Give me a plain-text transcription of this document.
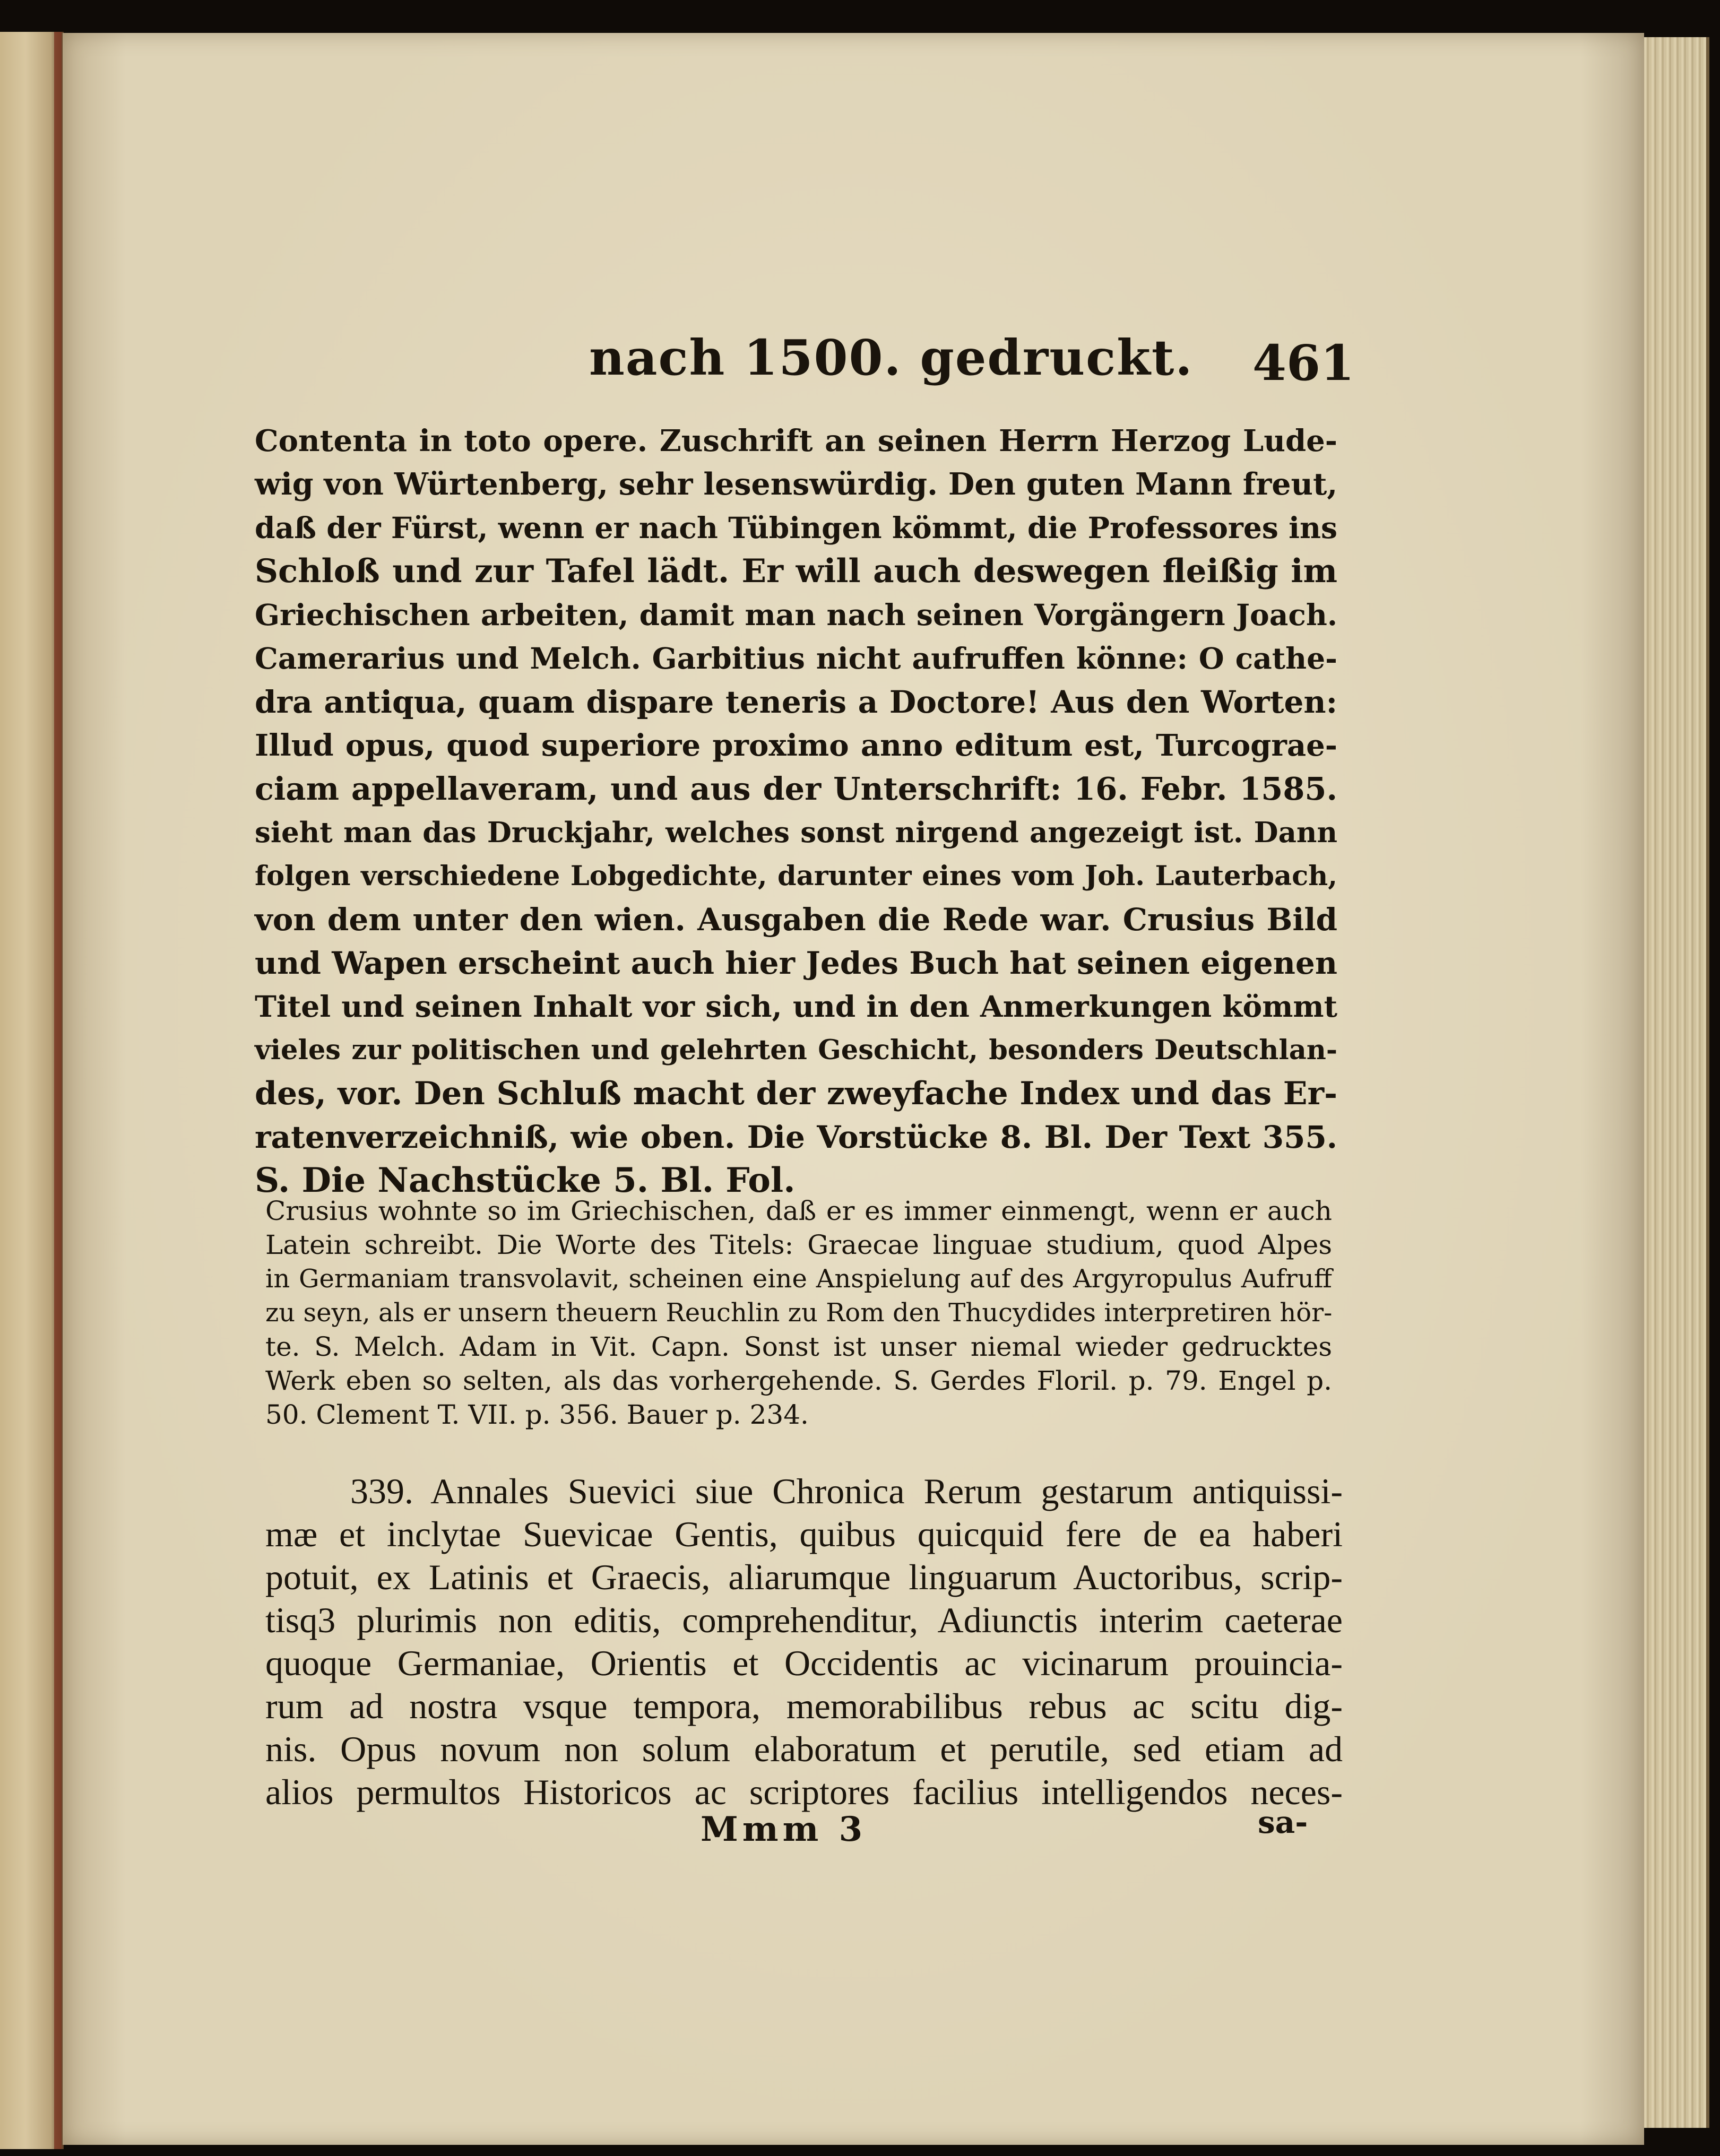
nach 1500. gedruckt.	461
Contenta in toto opere. Zuschrift an seinen Herrn Herzog Lude-
wig von Würtenberg, sehr lesenswürdig. Den guten Mann freut,
daß der Fürst, wenn er nach Tübingen kömmt, die Professores ins
Schloß und zur Tafel lädt. Er will auch deswegen fleißig im
Griechischen arbeiten, damit man nach seinen Vorgängern Joach.
Camerarius und Melch. Garbitius nicht aufruffen könne: O cathe-
dra antiqua, quam dispare teneris a Doctore! Aus den Worten:
Illud opus, quod superiore proximo anno editum est, Turcograe-
ciam appellaveram, und aus der Unterschrift: 16. Febr. 1585.
sieht man das Druckjahr, welches sonst nirgend angezeigt ist. Dann
folgen verschiedene Lobgedichte, darunter eines vom Joh. Lauterbach,
von dem unter den wien. Ausgaben die Rede war. Crusius Bild
und Wapen erscheint auch hier Jedes Buch hat seinen eigenen
Titel und seinen Inhalt vor sich, und in den Anmerkungen kömmt
vieles zur politischen und gelehrten Geschicht, besonders Deutschlan-
des, vor. Den Schluß macht der zweyfache Index und das Er-
ratenverzeichniß, wie oben. Die Vorstücke 8. Bl. Der Text 355.
S. Die Nachstücke 5. Bl. Fol.
Crusius wohnte so im Griechischen, daß er es immer einmengt, wenn er auch
Latein schreibt. Die Worte des Titels: Graecae linguae studium, quod Alpes
in Germaniam transvolavit, scheinen eine Anspielung auf des Argyropulus Aufruff
zu seyn, als er unsern theuern Reuchlin zu Rom den Thucydides interpretiren hör-
te. S. Melch. Adam in Vit. Capn. Sonst ist unser niemal wieder gedrucktes
Werk eben so selten, als das vorhergehende. S. Gerdes Floril. p. 79. Engel p.
50. Clement T. VII. p. 356. Bauer p. 234.
339. Annales Suevici siue Chronica Rerum gestarum antiquissi-
mæ et inclytae Suevicae Gentis, quibus quicquid fere de ea haberi
potuit, ex Latinis et Graecis, aliarumque linguarum Auctoribus, scrip-
tisq3 plurimis non editis, comprehenditur, Adiunctis interim caeterae
quoque Germaniae, Orientis et Occidentis ac vicinarum prouincia-
rum ad nostra vsque tempora, memorabilibus rebus ac scitu dig-
nis. Opus novum non solum elaboratum et perutile, sed etiam ad
alios permultos Historicos ac scriptores facilius intelligendos neces-
Mmm 3	sa-
